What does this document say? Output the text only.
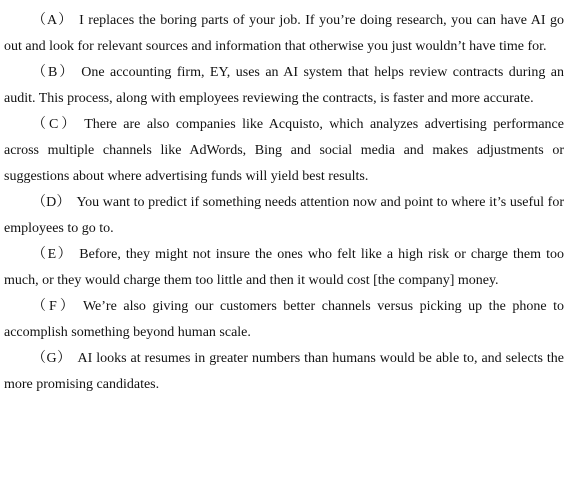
（A） I replaces the boring parts of your job. If you’re doing research, you can have AI go out and look for relevant sources and information that otherwise you just wouldn’t have time for.

（B） One accounting firm, EY, uses an AI system that helps review contracts during an audit. This process, along with employees reviewing the contracts, is faster and more accurate.

（C） There are also companies like Acquisto, which analyzes advertising performance across multiple channels like AdWords, Bing and social media and makes adjustments or suggestions about where advertising funds will yield best results.

（D） You want to predict if something needs attention now and point to where it’s useful for employees to go to.

（E） Before, they might not insure the ones who felt like a high risk or charge them too much, or they would charge them too little and then it would cost [the company] money.

（F） We’re also giving our customers better channels versus picking up the phone to accomplish something beyond human scale.

（G） AI looks at resumes in greater numbers than humans would be able to, and selects the more promising candidates.
